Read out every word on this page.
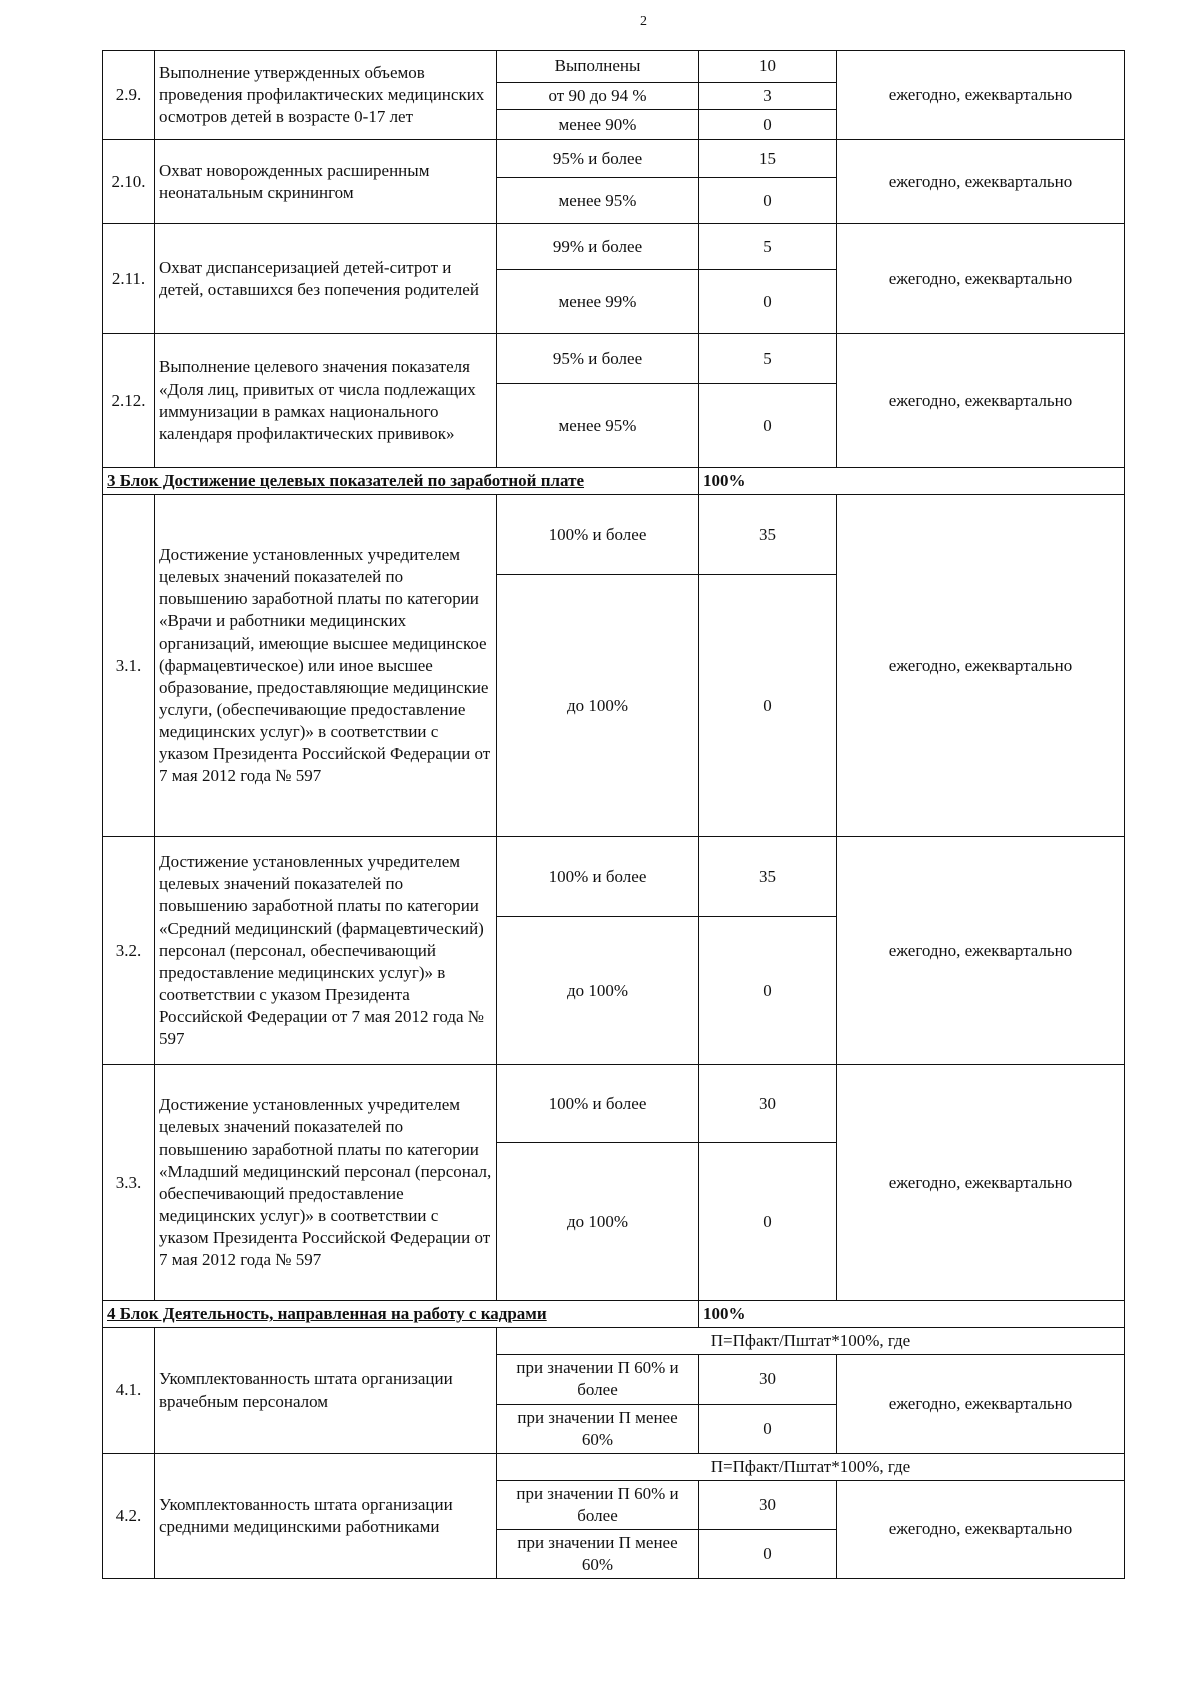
2
2.9.	Выполнение утвержденных объемов проведения профилактических медицинских осмотров детей в возрасте 0-17 лет	Выполнены	10	ежегодно, ежеквартально
		от 90 до 94 %	3	
		менее 90%	0	
2.10.	Охват новорожденных расширенным неонатальным скринингом	95% и более	15	ежегодно, ежеквартально
		менее 95%	0	
2.11.	Охват диспансеризацией детей-ситрот и детей, оставшихся без попечения родителей	99% и более	5	ежегодно, ежеквартально
		менее 99%	0	
2.12.	Выполнение целевого значения показателя «Доля лиц, привитых от числа подлежащих иммунизации в рамках национального календаря профилактических прививок»	95% и более	5	ежегодно, ежеквартально
		менее 95%	0	
3 Блок Достижение целевых показателей по заработной плате			100%	
3.1.	Достижение установленных учредителем целевых значений показателей по повышению заработной платы по категории «Врачи и работники медицинских организаций, имеющие высшее медицинское (фармацевтическое) или иное высшее образование, предоставляющие медицинские услуги, (обеспечивающие предоставление медицинских услуг)» в соответствии с указом Президента Российской Федерации от 7 мая 2012 года № 597	100% и более	35	ежегодно, ежеквартально
		до 100%	0	
3.2.	Достижение установленных учредителем целевых значений показателей по повышению заработной платы по категории «Средний медицинский (фармацевтический) персонал (персонал, обеспечивающий предоставление медицинских услуг)» в соответствии с указом Президента Российской Федерации от 7 мая 2012 года № 597	100% и более	35	ежегодно, ежеквартально
		до 100%	0	
3.3.	Достижение установленных учредителем целевых значений показателей по повышению заработной платы по категории «Младший медицинский персонал (персонал, обеспечивающий предоставление медицинских услуг)» в соответствии с указом Президента Российской Федерации от 7 мая 2012 года № 597	100% и более	30	ежегодно, ежеквартально
		до 100%	0	
4 Блок Деятельность, направленная на работу с кадрами			100%	
4.1.	Укомплектованность штата организации врачебным персоналом	П=Пфакт/Пштат*100%, где		
		при значении П 60% и более	30	ежегодно, ежеквартально
		при значении П менее 60%	0	
4.2.	Укомплектованность штата организации средними медицинскими работниками	П=Пфакт/Пштат*100%, где		
		при значении П 60% и более	30	ежегодно, ежеквартально
		при значении П менее 60%	0	
